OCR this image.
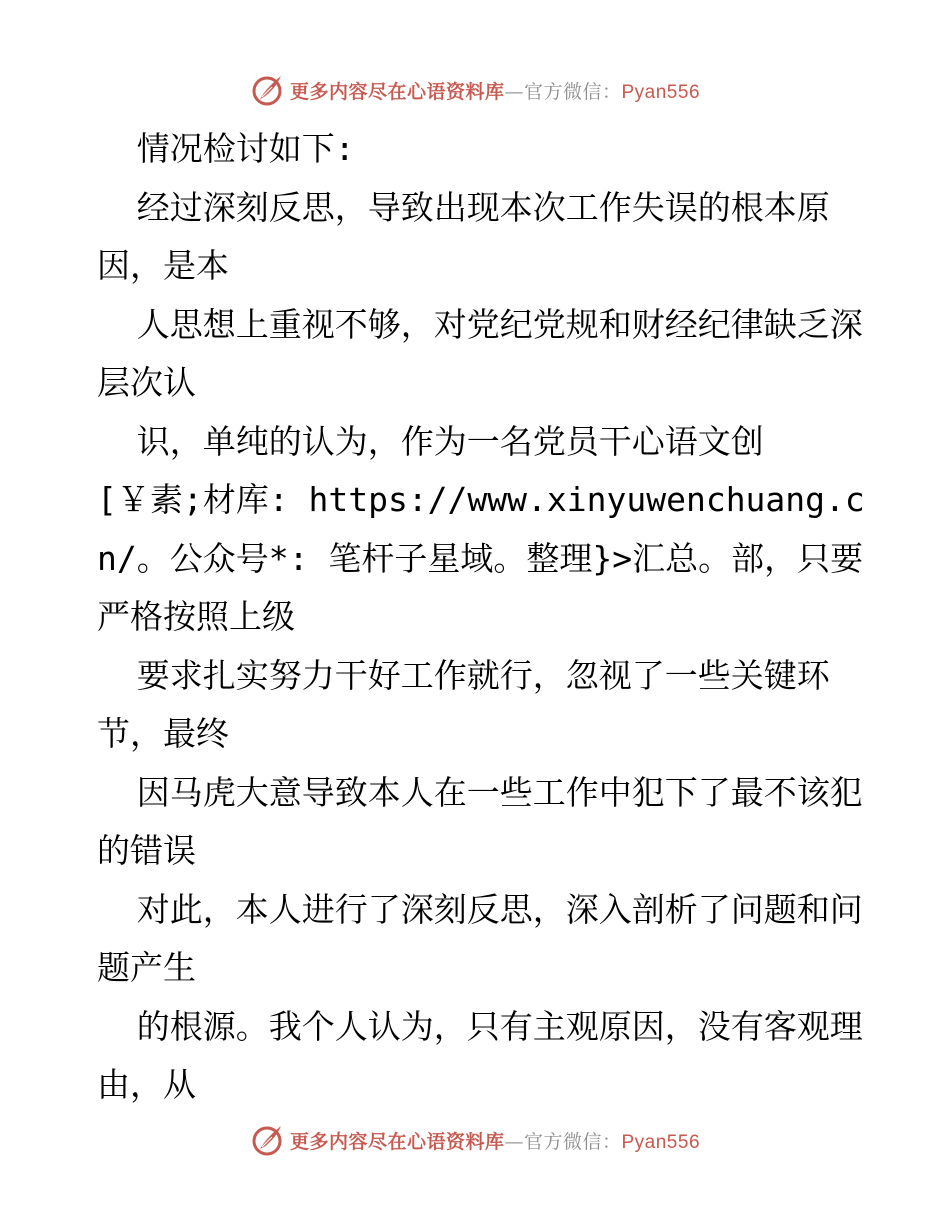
更多内容尽在心语资料库—官方微信：Pyan556

情况检讨如下:

经过深刻反思，导致出现本次工作失误的根本原因，是本

人思想上重视不够，对党纪党规和财经纪律缺乏深层次认

识，单纯的认为，作为一名党员干心语文创[￥素;材库: https://www.xinyuwenchuang.cn/。公众号*: 笔杆子星域。整理}>汇总。部，只要严格按照上级

要求扎实努力干好工作就行，忽视了一些关键环节，最终

因马虎大意导致本人在一些工作中犯下了最不该犯的错误

对此，本人进行了深刻反思，深入剖析了问题和问题产生

的根源。我个人认为，只有主观原因，没有客观理由，从

更多内容尽在心语资料库—官方微信：Pyan556
